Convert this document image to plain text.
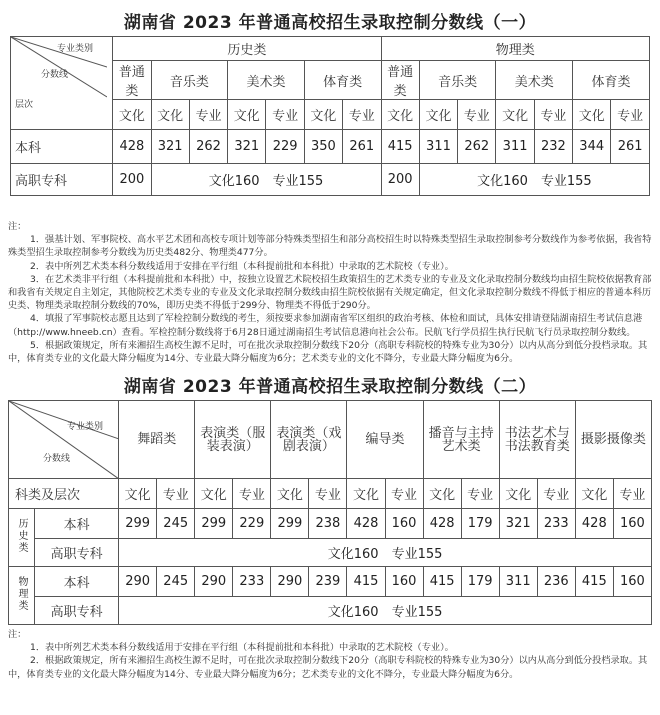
湖南省 2023 年普通高校招生录取控制分数线（一）
专业类别
分数线
层次	历史类							物理类						
	普通类	音乐类		美术类		体育类		普通类	音乐类		美术类		体育类	
	文化	文化	专业	文化	专业	文化	专业	文化	文化	专业	文化	专业	文化	专业
本科	428	321	262	321	229	350	261	415	311	262	311	232	344	261
高职专科	200	文化160　专业155						200	文化160　专业155					

注：

1．强基计划、军事院校、高水平艺术团和高校专项计划等部分特殊类型招生和部分高校招生时以特殊类型招生录取控制参考分数线作为参考依据，我省特殊类型招生录取控制参考分数线为历史类482分、物理类477分。

2．表中所列艺术类本科分数线适用于安排在平行组（本科提前批和本科批）中录取的艺术院校（专业）。

3．在艺术类非平行组（本科提前批和本科批）中，按独立设置艺术院校招生政策招生的艺术类专业的专业及文化录取控制分数线均由招生院校依据教育部和我省有关规定自主划定，其他院校艺术类专业的专业及文化录取控制分数线由招生院校依据有关规定确定，但文化录取控制分数线不得低于相应的普通本科历史类、物理类录取控制分数线的70%，即历史类不得低于299分、物理类不得低于290分。

4．填报了军事院校志愿且达到了军检控制分数线的考生，须按要求参加湖南省军区组织的政治考核、体检和面试，具体安排请登陆湖南招生考试信息港（http://www.hneeb.cn）查看。军检控制分数线将于6月28日通过湖南招生考试信息港向社会公布。民航飞行学员招生执行民航飞行员录取控制分数线。

5．根据政策规定，所有来湘招生高校生源不足时，可在批次录取控制分数线下20分（高职专科院校的特殊专业为30分）以内从高分到低分投档录取。其中，体育类专业的文化最大降分幅度为14分、专业最大降分幅度为6分；艺术类专业的文化不降分，专业最大降分幅度为6分。

湖南省 2023 年普通高校招生录取控制分数线（二）
专业类别
分数线		舞蹈类		表演类（服装表演）		表演类（戏剧表演）		编导类		播音与主持艺术类		书法艺术与书法教育类		摄影摄像类	
科类及层次		文化	专业	文化	专业	文化	专业	文化	专业	文化	专业	文化	专业	文化	专业
历史类	本科	299	245	299	229	299	238	428	160	428	179	321	233	428	160
	高职专科	文化160　专业155													
物理类	本科	290	245	290	233	290	239	415	160	415	179	311	236	415	160
	高职专科	文化160　专业155													

注：

1．表中所列艺术类本科分数线适用于安排在平行组（本科提前批和本科批）中录取的艺术院校（专业）。

2．根据政策规定，所有来湘招生高校生源不足时，可在批次录取控制分数线下20分（高职专科院校的特殊专业为30分）以内从高分到低分投档录取。其中，体育类专业的文化最大降分幅度为14分、专业最大降分幅度为6分；艺术类专业的文化不降分，专业最大降分幅度为6分。
